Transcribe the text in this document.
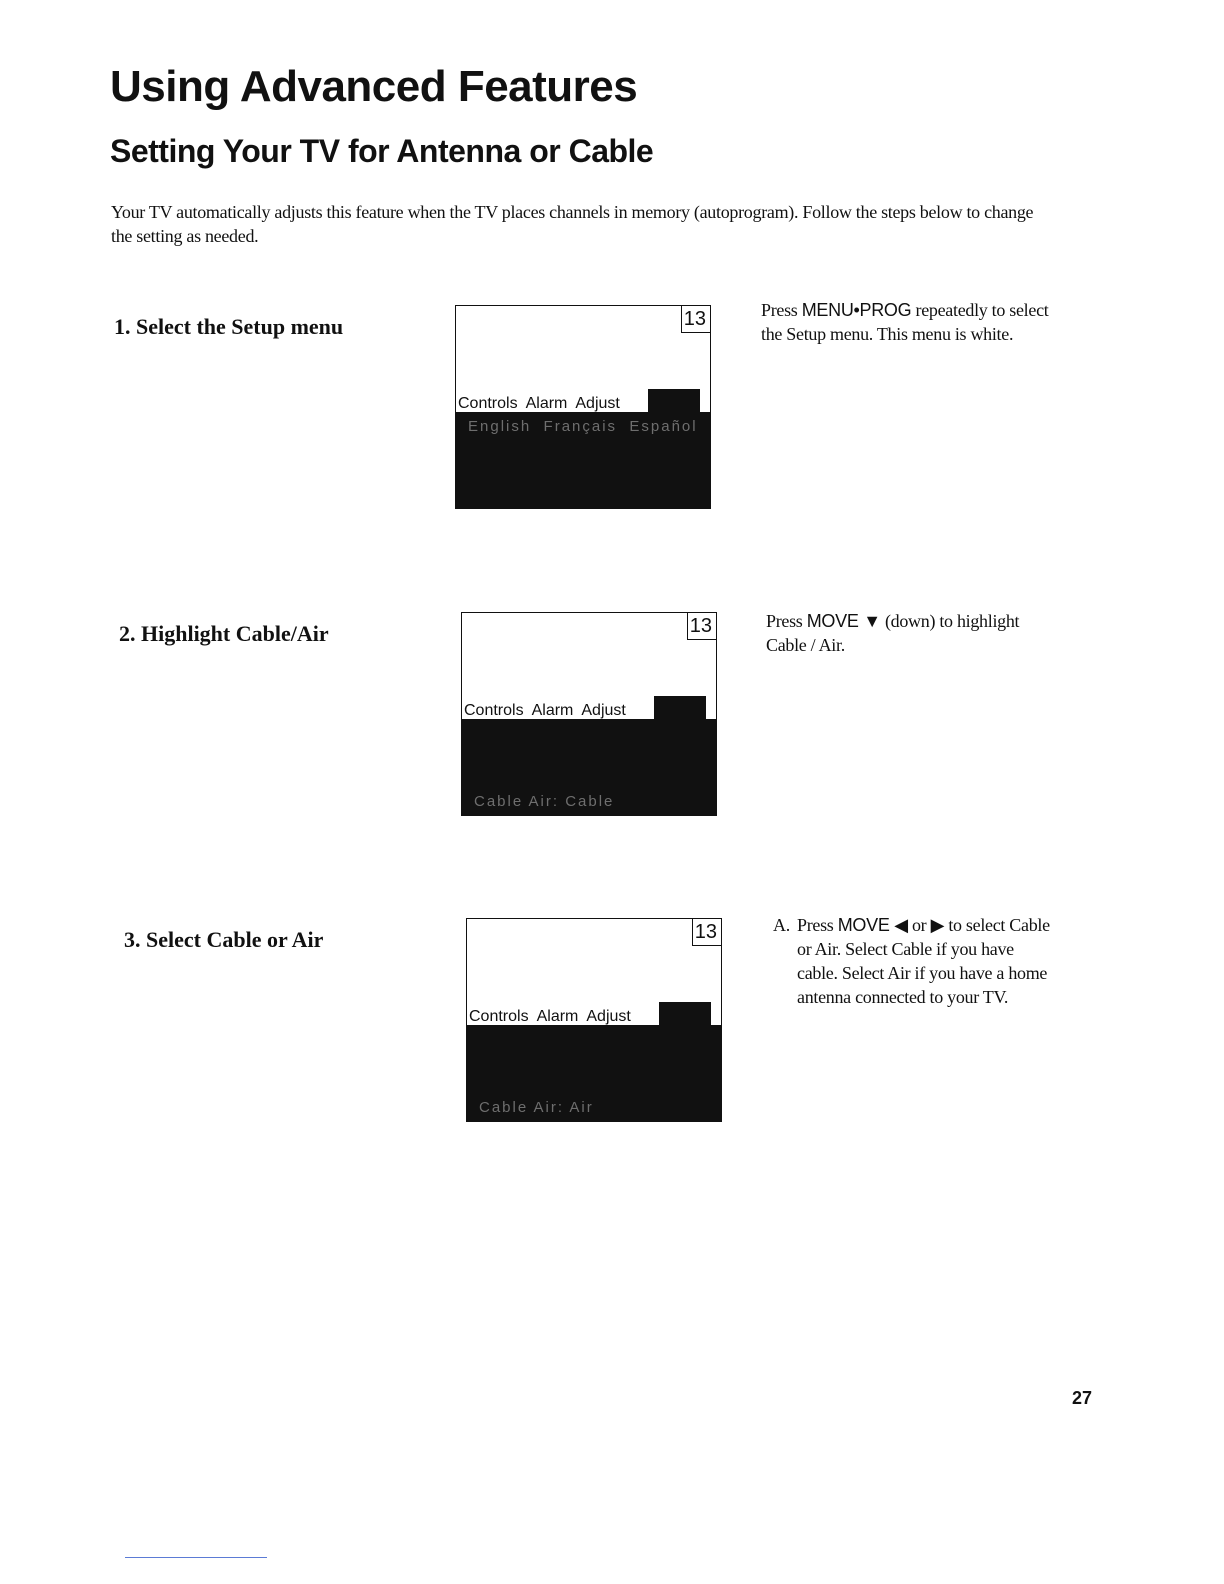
Using Advanced Features
Setting Your TV for Antenna or Cable

Your TV automatically adjusts this feature when the TV places channels in memory (autoprogram). Follow the steps below to change the setting as needed.

1. Select the Setup menu	13
Controls  Alarm  Adjust
English  Français  Español
Press MENU•PROG repeatedly to select the Setup menu. This menu is white.
2. Highlight Cable/Air	13
Controls  Alarm  Adjust
Cable Air: Cable
Press MOVE ▼ (down) to highlight Cable / Air.
3. Select Cable or Air	13
Controls  Alarm  Adjust
Cable Air: Air
A. Press MOVE ◀ or ▶ to select Cable or Air. Select Cable if you have cable. Select Air if you have a home antenna connected to your TV.
27
